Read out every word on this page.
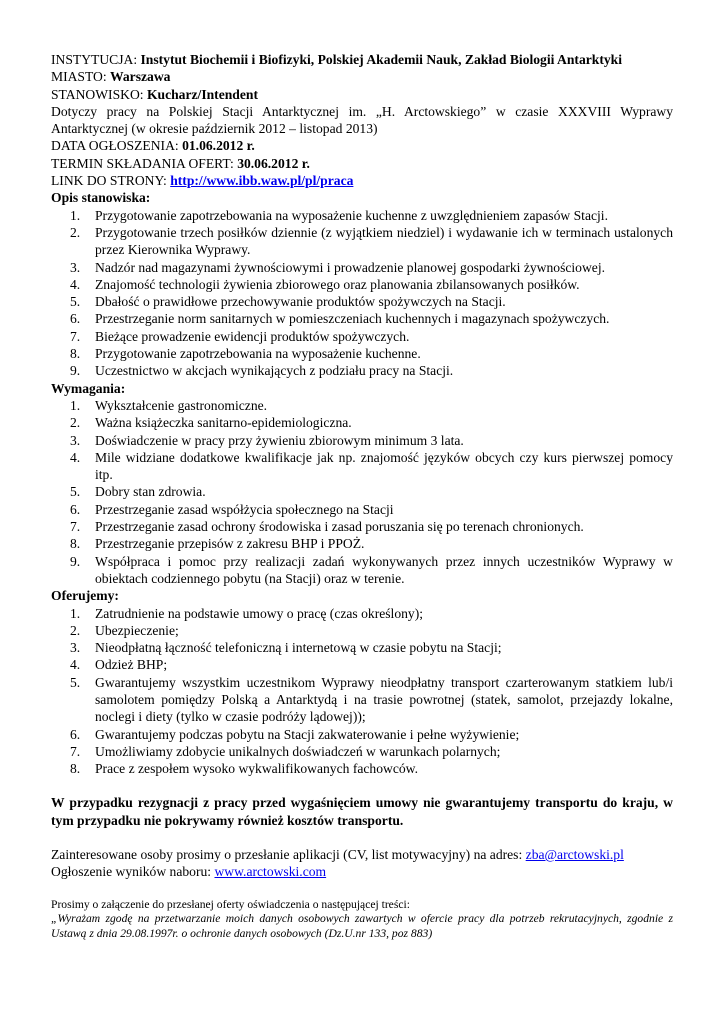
INSTYTUCJA: Instytut Biochemii i Biofizyki, Polskiej Akademii Nauk, Zakład Biologii Antarktyki
MIASTO: Warszawa
STANOWISKO: Kucharz/Intendent
Dotyczy pracy na Polskiej Stacji Antarktycznej im. „H. Arctowskiego” w czasie XXXVIII Wyprawy Antarktycznej (w okresie październik 2012 – listopad 2013)
DATA OGŁOSZENIA: 01.06.2012 r.
TERMIN SKŁADANIA OFERT: 30.06.2012 r.
LINK DO STRONY: http://www.ibb.waw.pl/pl/praca
Opis stanowiska:
1. Przygotowanie zapotrzebowania na wyposażenie kuchenne z uwzględnieniem zapasów Stacji.
2. Przygotowanie trzech posiłków dziennie (z wyjątkiem niedziel) i wydawanie ich w terminach ustalonych przez Kierownika Wyprawy.
3. Nadzór nad magazynami żywnościowymi i prowadzenie planowej gospodarki żywnościowej.
4. Znajomość technologii żywienia zbiorowego oraz planowania zbilansowanych posiłków.
5. Dbałość o prawidłowe przechowywanie produktów spożywczych na Stacji.
6. Przestrzeganie norm sanitarnych w pomieszczeniach kuchennych i magazynach spożywczych.
7. Bieżące prowadzenie ewidencji produktów spożywczych.
8. Przygotowanie zapotrzebowania na wyposażenie kuchenne.
9. Uczestnictwo w akcjach wynikających z podziału pracy na Stacji.
Wymagania:
1. Wykształcenie gastronomiczne.
2. Ważna książeczka sanitarno-epidemiologiczna.
3. Doświadczenie w pracy przy żywieniu zbiorowym minimum 3 lata.
4. Mile widziane dodatkowe kwalifikacje jak np. znajomość języków obcych czy kurs pierwszej pomocy itp.
5. Dobry stan zdrowia.
6. Przestrzeganie zasad współżycia społecznego na Stacji
7. Przestrzeganie zasad ochrony środowiska i zasad poruszania się po terenach chronionych.
8. Przestrzeganie przepisów z zakresu BHP i PPOŻ.
9. Współpraca i pomoc przy realizacji zadań wykonywanych przez innych uczestników Wyprawy w obiektach codziennego pobytu (na Stacji) oraz w terenie.
Oferujemy:
1. Zatrudnienie na podstawie umowy o pracę (czas określony);
2. Ubezpieczenie;
3. Nieodpłatną łączność telefoniczną i internetową w czasie pobytu na Stacji;
4. Odzież BHP;
5. Gwarantujemy wszystkim uczestnikom Wyprawy nieodpłatny transport czarterowanym statkiem lub/i samolotem pomiędzy Polską a Antarktydą i na trasie powrotnej (statek, samolot, przejazdy lokalne, noclegi i diety (tylko w czasie podróży lądowej));
6. Gwarantujemy podczas pobytu na Stacji zakwaterowanie i pełne wyżywienie;
7. Umożliwiamy zdobycie unikalnych doświadczeń w warunkach polarnych;
8. Prace z zespołem wysoko wykwalifikowanych fachowców.
W przypadku rezygnacji z pracy przed wygaśnięciem umowy nie gwarantujemy transportu do kraju, w tym przypadku nie pokrywamy również kosztów transportu.
Zainteresowane osoby prosimy o przesłanie aplikacji (CV, list motywacyjny) na adres: zba@arctowski.pl
Ogłoszenie wyników naboru: www.arctowski.com
Prosimy o załączenie do przesłanej oferty oświadczenia o następującej treści:
„Wyrażam zgodę na przetwarzanie moich danych osobowych zawartych w ofercie pracy dla potrzeb rekrutacyjnych, zgodnie z Ustawą z dnia 29.08.1997r. o ochronie danych osobowych (Dz.U.nr 133, poz 883)
